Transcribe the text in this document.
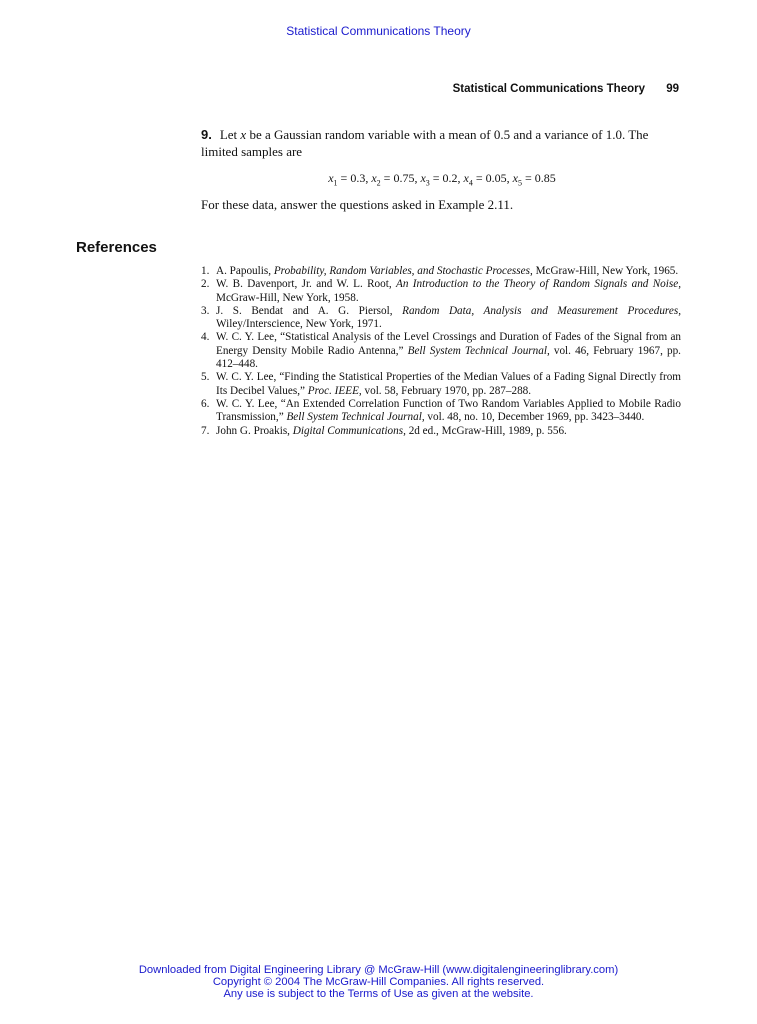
Statistical Communications Theory
Statistical Communications Theory 99
9. Let x be a Gaussian random variable with a mean of 0.5 and a variance of 1.0. The limited samples are
$x_1 = 0.3$, $x_2 = 0.75$, $x_3 = 0.2$, $x_4 = 0.05$, $x_5 = 0.85$
For these data, answer the questions asked in Example 2.11.
References
1. A. Papoulis, Probability, Random Variables, and Stochastic Processes, McGraw-Hill, New York, 1965.
2. W. B. Davenport, Jr. and W. L. Root, An Introduction to the Theory of Random Signals and Noise, McGraw-Hill, New York, 1958.
3. J. S. Bendat and A. G. Piersol, Random Data, Analysis and Measurement Procedures, Wiley/Interscience, New York, 1971.
4. W. C. Y. Lee, “Statistical Analysis of the Level Crossings and Duration of Fades of the Signal from an Energy Density Mobile Radio Antenna,” Bell System Technical Journal, vol. 46, February 1967, pp. 412–448.
5. W. C. Y. Lee, “Finding the Statistical Properties of the Median Values of a Fading Signal Directly from Its Decibel Values,” Proc. IEEE, vol. 58, February 1970, pp. 287–288.
6. W. C. Y. Lee, “An Extended Correlation Function of Two Random Variables Applied to Mobile Radio Transmission,” Bell System Technical Journal, vol. 48, no. 10, December 1969, pp. 3423–3440.
7. John G. Proakis, Digital Communications, 2d ed., McGraw-Hill, 1989, p. 556.
Downloaded from Digital Engineering Library @ McGraw-Hill (www.digitalengineeringlibrary.com)
Copyright © 2004 The McGraw-Hill Companies. All rights reserved.
Any use is subject to the Terms of Use as given at the website.
